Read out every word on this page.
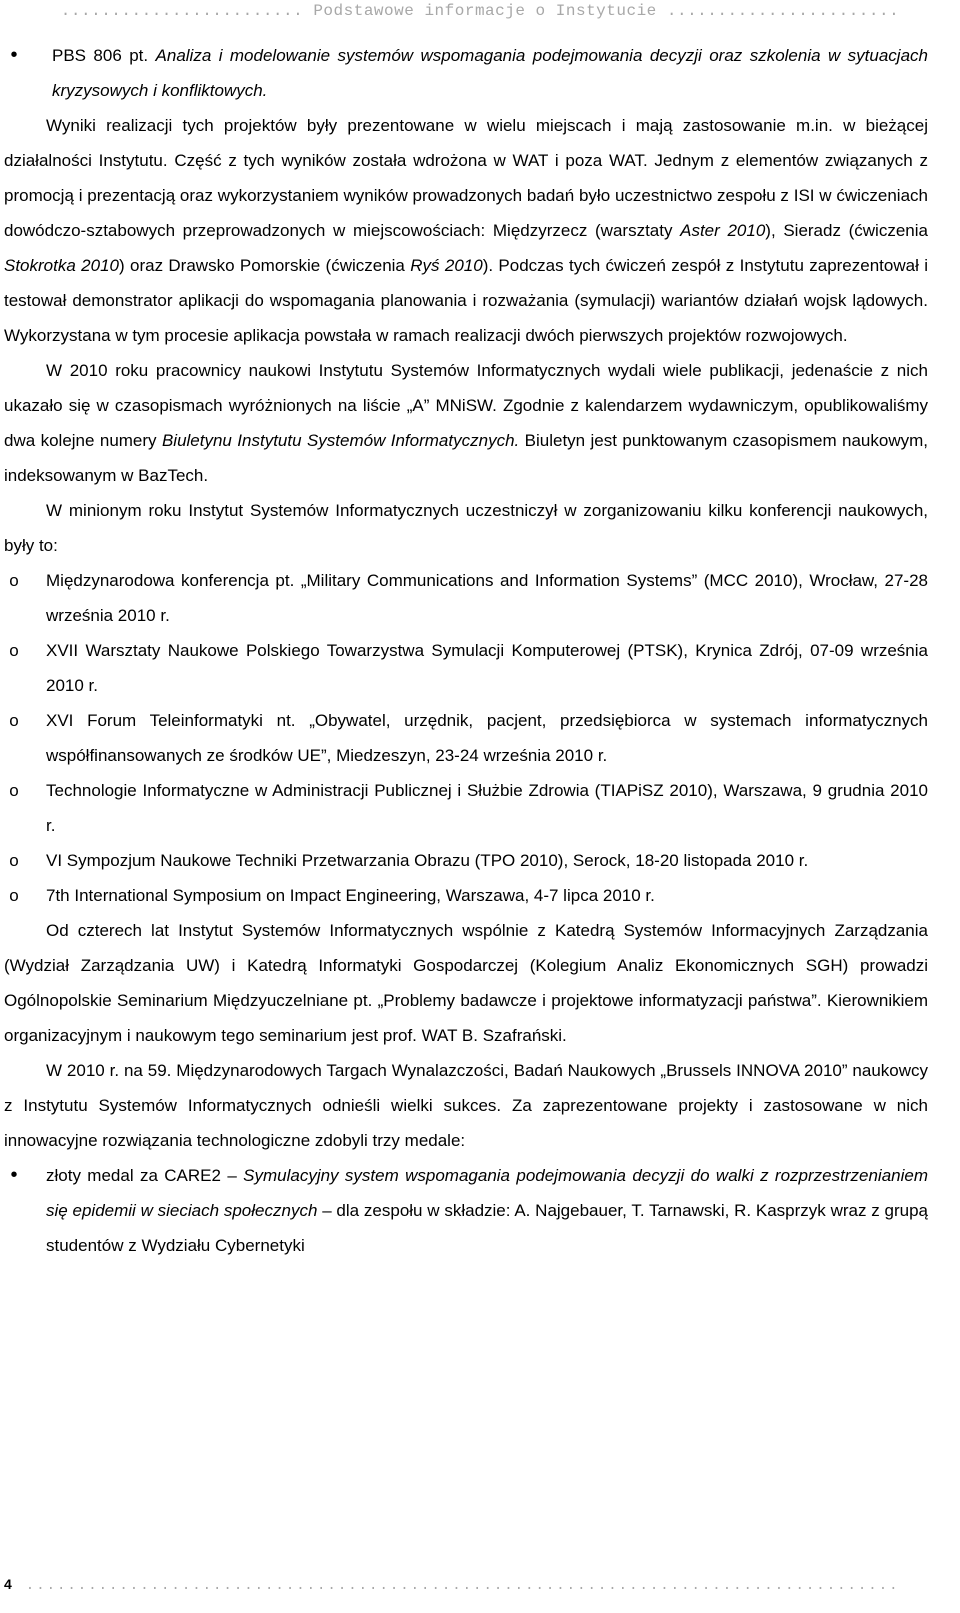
........................ Podstawowe informacje o Instytucie .......................
•	PBS 806 pt. Analiza i modelowanie systemów wspomagania podejmowania decyzji oraz szkolenia w sytuacjach kryzysowych i konfliktowych.

Wyniki realizacji tych projektów były prezentowane w wielu miejscach i mają zastosowanie m.in. w bieżącej działalności Instytutu. Część z tych wyników została wdrożona w WAT i poza WAT. Jednym z elementów związanych z promocją i prezentacją oraz wykorzystaniem wyników prowadzonych badań było uczestnictwo zespołu z ISI w ćwiczeniach dowódczo-sztabowych przeprowadzonych w miejscowościach: Międzyrzecz (warsztaty Aster 2010), Sieradz (ćwiczenia Stokrotka 2010) oraz Drawsko Pomorskie (ćwiczenia Ryś 2010). Podczas tych ćwiczeń zespół z Instytutu zaprezentował i testował demonstrator aplikacji do wspomagania planowania i rozważania (symulacji) wariantów działań wojsk lądowych. Wykorzystana w tym procesie aplikacja powstała w ramach realizacji dwóch pierwszych projektów rozwojowych.

W 2010 roku pracownicy naukowi Instytutu Systemów Informatycznych wydali wiele publikacji, jedenaście z nich ukazało się w czasopismach wyróżnionych na liście „A” MNiSW. Zgodnie z kalendarzem wydawniczym, opublikowaliśmy dwa kolejne numery Biuletynu Instytutu Systemów Informatycznych. Biuletyn jest punktowanym czasopismem naukowym, indeksowanym w BazTech.

W minionym roku Instytut Systemów Informatycznych uczestniczył w zorganizowaniu kilku konferencji naukowych, były to:

o	Międzynarodowa konferencja pt. „Military Communications and Information Systems” (MCC 2010), Wrocław, 27-28 września 2010 r.
o	XVII Warsztaty Naukowe Polskiego Towarzystwa Symulacji Komputerowej (PTSK), Krynica Zdrój, 07-09 września 2010 r.
o	XVI Forum Teleinformatyki nt. „Obywatel, urzędnik, pacjent, przedsiębiorca w systemach informatycznych współfinansowanych ze środków UE”, Miedzeszyn, 23-24 września 2010 r.
o	Technologie Informatyczne w Administracji Publicznej i Służbie Zdrowia (TIAPiSZ 2010), Warszawa, 9 grudnia 2010 r.
o	VI Sympozjum Naukowe Techniki Przetwarzania Obrazu (TPO 2010), Serock, 18-20 listopada 2010 r.
o	7th International Symposium on Impact Engineering, Warszawa, 4-7 lipca 2010 r.

Od czterech lat Instytut Systemów Informatycznych wspólnie z Katedrą Systemów Informacyjnych Zarządzania (Wydział Zarządzania UW) i Katedrą Informatyki Gospodarczej (Kolegium Analiz Ekonomicznych SGH) prowadzi Ogólnopolskie Seminarium Międzyuczelniane pt. „Problemy badawcze i projektowe informatyzacji państwa”. Kierownikiem organizacyjnym i naukowym tego seminarium jest prof. WAT B. Szafrański.

W 2010 r. na 59. Międzynarodowych Targach Wynalazczości, Badań Naukowych „Brussels INNOVA 2010” naukowcy z Instytutu Systemów Informatycznych odnieśli wielki sukces. Za zaprezentowane projekty i zastosowane w nich innowacyjne rozwiązania technologiczne zdobyli trzy medale:

•	złoty medal za CARE2 – Symulacyjny system wspomagania podejmowania decyzji do walki z rozprzestrzenianiem się epidemii w sieciach społecznych – dla zespołu w składzie: A. Najgebauer, T. Tarnawski, R. Kasprzyk wraz z grupą studentów z Wydziału Cybernetyki
4 ....................................................................................
